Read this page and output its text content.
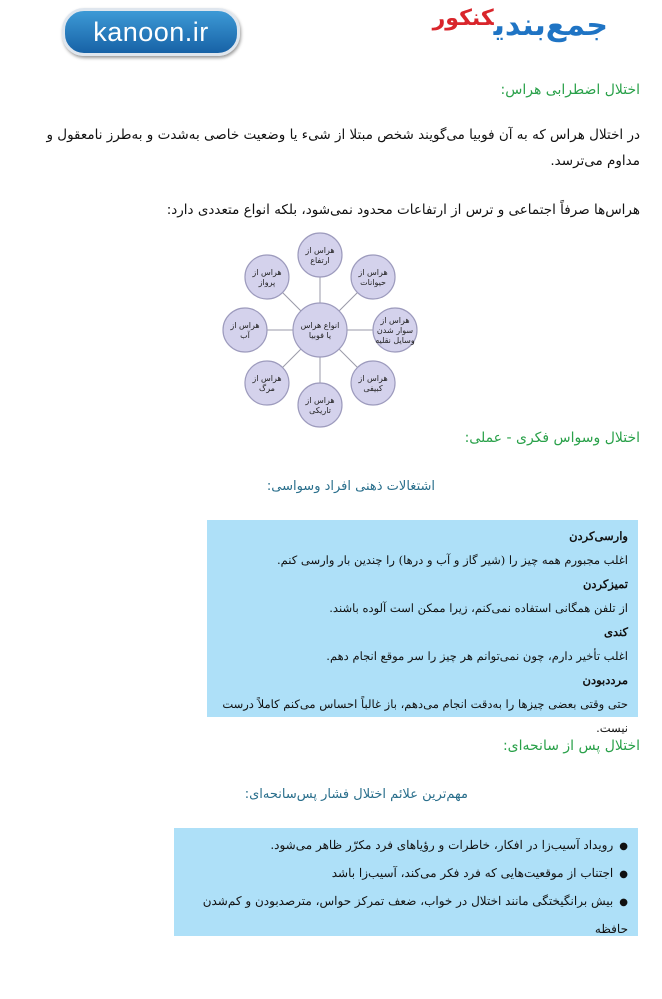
kanoon.ir	جمع‌بندیکنکور
اختلال اضطرابی هراس:
در اختلال هراس که به آن فوبیا می‌گویند شخص مبتلا از شیء یا وضعیت خاصی به‌شدت و به‌طرز نامعقول و مداوم می‌ترسد.
هراس‌ها صرفاً اجتماعی و ترس از ارتفاعات محدود نمی‌شود، بلکه انواع متعددی دارد:
انواع هراس
یا فوبیا
هراس از
ارتفاع
هراس از
حیوانات
هراس از
سوار شدن
وسایل نقلیه
هراس از
کبیفی
هراس از
تاریکی
هراس از
مرگ
هراس از
آب
هراس از
پرواز
اختلال وسواس فکری - عملی:
اشتغالات ذهنی افراد وسواسی:
وارسی‌کردن
اغلب مجبورم همه چیز را (شیر گاز و آب و درها) را چندین بار وارسی کنم.
تمیزکردن
از تلفن همگانی استفاده نمی‌کنم، زیرا ممکن است آلوده باشند.
کندی
اغلب تأخیر دارم، چون نمی‌توانم هر چیز را سر موقع انجام دهم.
مرددبودن
حتی وقتی بعضی چیزها را به‌دقت انجام می‌دهم، باز غالباً احساس می‌کنم کاملاً درست نیست.
اختلال پس از سانحه‌ای:
مهم‌ترین علائم اختلال فشار پس‌سانحه‌ای:
● رویداد آسیب‌زا در افکار، خاطرات و رؤیاهای فرد مکرّر ظاهر می‌شود.
● اجتناب از موقعیت‌هایی که فرد فکر می‌کند، آسیب‌زا باشد
● بیش برانگیختگی مانند اختلال در خواب، ضعف تمرکز حواس، مترصدبودن و کم‌شدن حافظه
